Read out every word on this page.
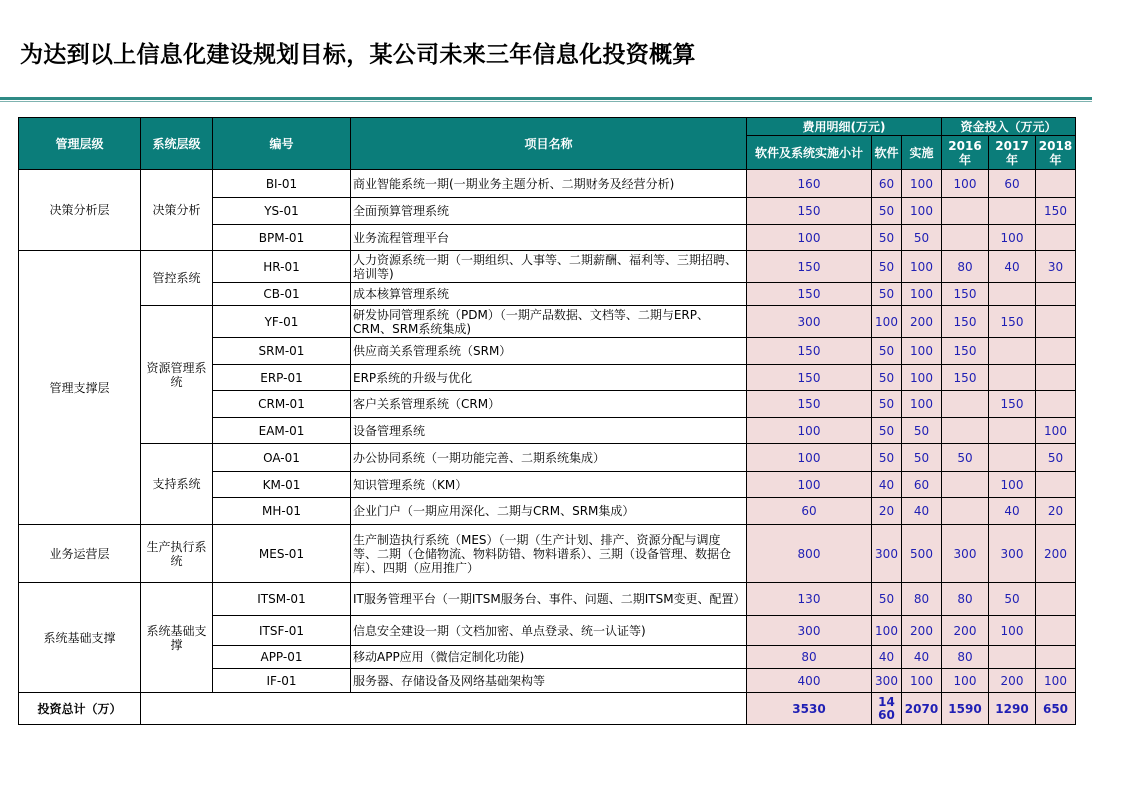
为达到以上信息化建设规划目标，某公司未来三年信息化投资概算
管理层级	系统层级	编号	项目名称	费用明细(万元)			资金投入（万元）		
				软件及系统实施小计	软件	实施	2016年	2017年	2018年
决策分析层	决策分析	BI-01	商业智能系统一期(一期业务主题分析、二期财务及经营分析)	160	60	100	100	60	
		YS-01	全面预算管理系统	150	50	100			150
		BPM-01	业务流程管理平台	100	50	50		100	
管理支撑层	管控系统	HR-01	人力资源系统一期（一期组织、人事等、二期薪酬、福利等、三期招聘、培训等)	150	50	100	80	40	30
		CB-01	成本核算管理系统	150	50	100	150		
	资源管理系统	YF-01	研发协同管理系统（PDM）（一期产品数据、文档等、二期与ERP、CRM、SRM系统集成)	300	100	200	150	150	
		SRM-01	供应商关系管理系统（SRM）	150	50	100	150		
		ERP-01	ERP系统的升级与优化	150	50	100	150		
		CRM-01	客户关系管理系统（CRM）	150	50	100		150	
		EAM-01	设备管理系统	100	50	50			100
	支持系统	OA-01	办公协同系统（一期功能完善、二期系统集成）	100	50	50	50		50
		KM-01	知识管理系统（KM）	100	40	60		100	
		MH-01	企业门户（一期应用深化、二期与CRM、SRM集成）	60	20	40		40	20
业务运营层	生产执行系统	MES-01	生产制造执行系统（MES）（一期（生产计划、排产、资源分配与调度等、二期（仓储物流、物料防错、物料谱系）、三期（设备管理、数据仓库）、四期（应用推广）	800	300	500	300	300	200
系统基础支撑	系统基础支撑	ITSM-01	IT服务管理平台（一期ITSM服务台、事件、问题、二期ITSM变更、配置）	130	50	80	80	50	
		ITSF-01	信息安全建设一期（文档加密、单点登录、统一认证等)	300	100	200	200	100	
		APP-01	移动APP应用（微信定制化功能)	80	40	40	80		
		IF-01	服务器、存储设备及网络基础架构等	400	300	100	100	200	100
投资总计（万）				3530	1460	2070	1590	1290	650
